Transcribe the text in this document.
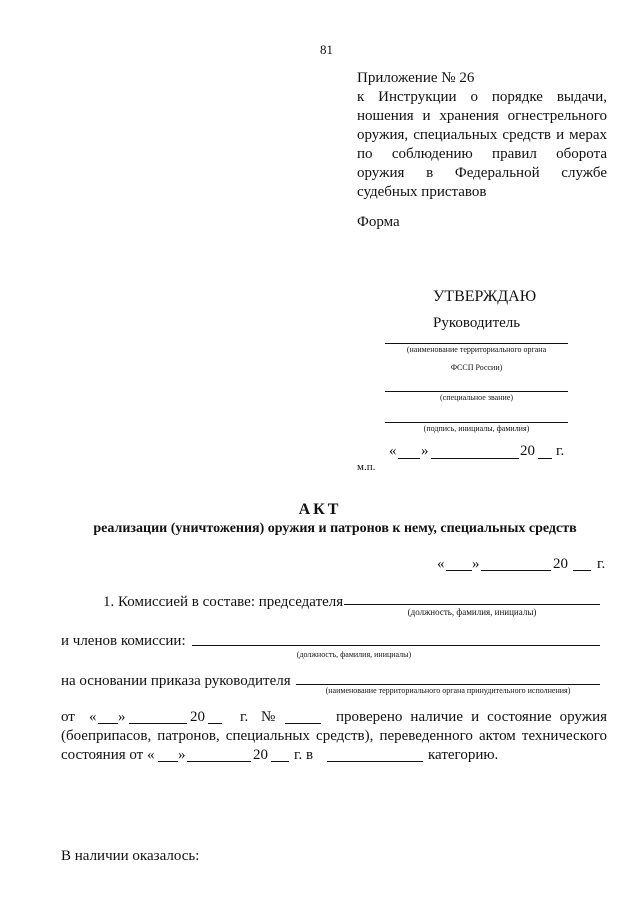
81
Приложение № 26
к Инструкции о порядке выдачи,
ношения и хранения огнестрельного
оружия, специальных средств и мерах
по соблюдению правил оборота
оружия в Федеральной службе
судебных приставов
Форма
УТВЕРЖДАЮ
Руководитель
(наименование территориального органа
ФССП России)
(специальное звание)
(подпись, инициалы, фамилия)
« »	20 г.
м.п.
АКТ
реализации (уничтожения) оружия и патронов к нему, специальных средств
« »	20 г.
1. Комиссией в составе: председателя
(должность, фамилия, инициалы)
и членов комиссии:
(должность, фамилия, инициалы)
на основании приказа руководителя
(наименование территориального органа принудительного исполнения)
от « »	20 г. №	проверено наличие и состояние оружия
(боеприпасов, патронов, специальных средств), переведенного актом технического
состояния от « »	20 г. в	категорию.
В наличии оказалось:
